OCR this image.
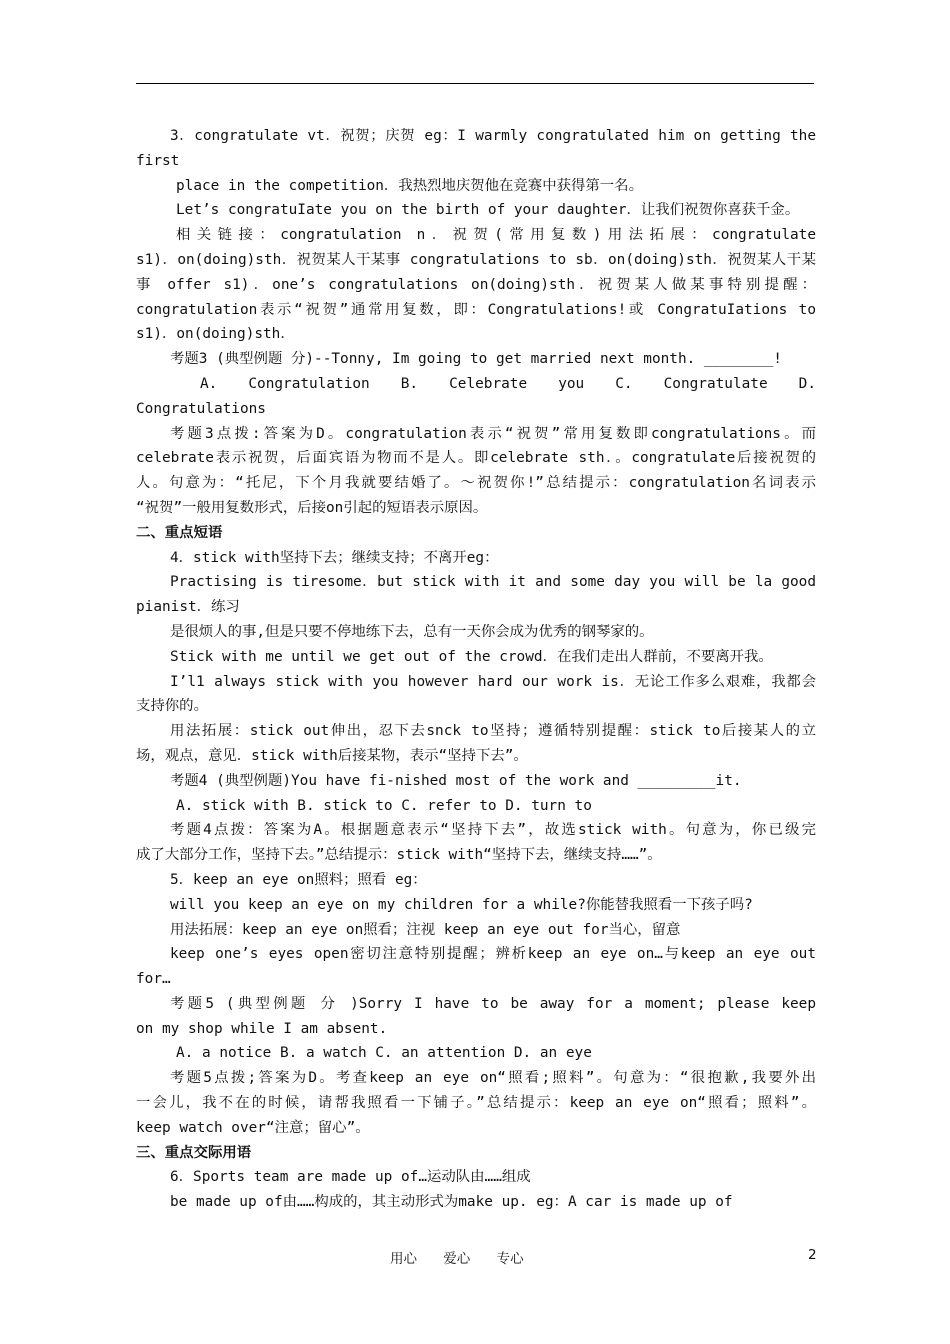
3．congratulate vt．祝贺；庆贺 eg：I warmly congratulated him on getting the
first
place in the competition．我热烈地庆贺他在竞赛中获得第一名。
Let’s congratuIate you on the birth of your daughter．让我们祝贺你喜获千金。
相关链接：congratulation n．祝贺(常用复数)用法拓展：congratulate
s1)．on(doing)sth．祝贺某人干某事 congratulations to sb．on(doing)sth．祝贺某人干某
事 offer s1)．one’s congratulations on(doing)sth．祝贺某人做某事特别提醒：
congratulation表示“祝贺”通常用复数，即：Congratulations!或 CongratuIations to
s1)．on(doing)sth．
考题3 (典型例题 分)--Tonny, Im going to get married next month. ________!
A. Congratulation B. Celebrate you C. Congratulate D.
Congratulations
考题3点拨:答案为D。congratulation表示“祝贺”常用复数即congratulations。而
celebrate表示祝贺，后面宾语为物而不是人。即celebrate sth．。congratulate后接祝贺的
人。句意为：“托尼，下个月我就要结婚了。～祝贺你!”总结提示：congratulation名词表示
“祝贺”一般用复数形式，后接on引起的短语表示原因。
二、重点短语
4．stick with坚持下去；继续支持；不离开eg：
Practising is tiresome．but stick with it and some day you will be la good
pianist．练习
是很烦人的事,但是只要不停地练下去，总有一天你会成为优秀的钢琴家的。
Stick with me until we get out of the crowd．在我们走出人群前，不要离开我。
I’l1 always stick with you however hard our work is．无论工作多么艰难，我都会
支持你的。
用法拓展：stick out伸出，忍下去snck to坚持；遵循特别提醒：stick to后接某人的立
场，观点，意见．stick with后接某物，表示“坚持下去”。
考题4 (典型例题)You have fi-nished most of the work and _________it.
A. stick with B. stick to C. refer to D. turn to
考题4点拨：答案为A。根据题意表示“坚持下去”，故选stick with。句意为，你已级完
成了大部分工作，坚持下去。”总结提示：stick with“坚持下去，继续支持……”。
5．keep an eye on照料；照看 eg：
will you keep an eye on my children for a while?你能替我照看一下孩子吗?
用法拓展：keep an eye on照看；注视 keep an eye out for当心，留意
keep one’s eyes open密切注意特别提醒；辨析keep an eye on…与keep an eye out
for…
考题5 (典型例题 分 )Sorry I have to be away for a moment; please keep
on my shop while I am absent.
A. a notice B. a watch C. an attention D. an eye
考题5点拨;答案为D。考查keep an eye on“照看;照料”。句意为：“很抱歉,我要外出
一会儿，我不在的时候，请帮我照看一下铺子。”总结提示：keep an eye on“照看；照料”。
keep watch over“注意；留心”。
三、重点交际用语
6．Sports team are made up of…运动队由……组成
be made up of由……构成的，其主动形式为make up. eg：A car is made up of
用心 爱心 专心	2
